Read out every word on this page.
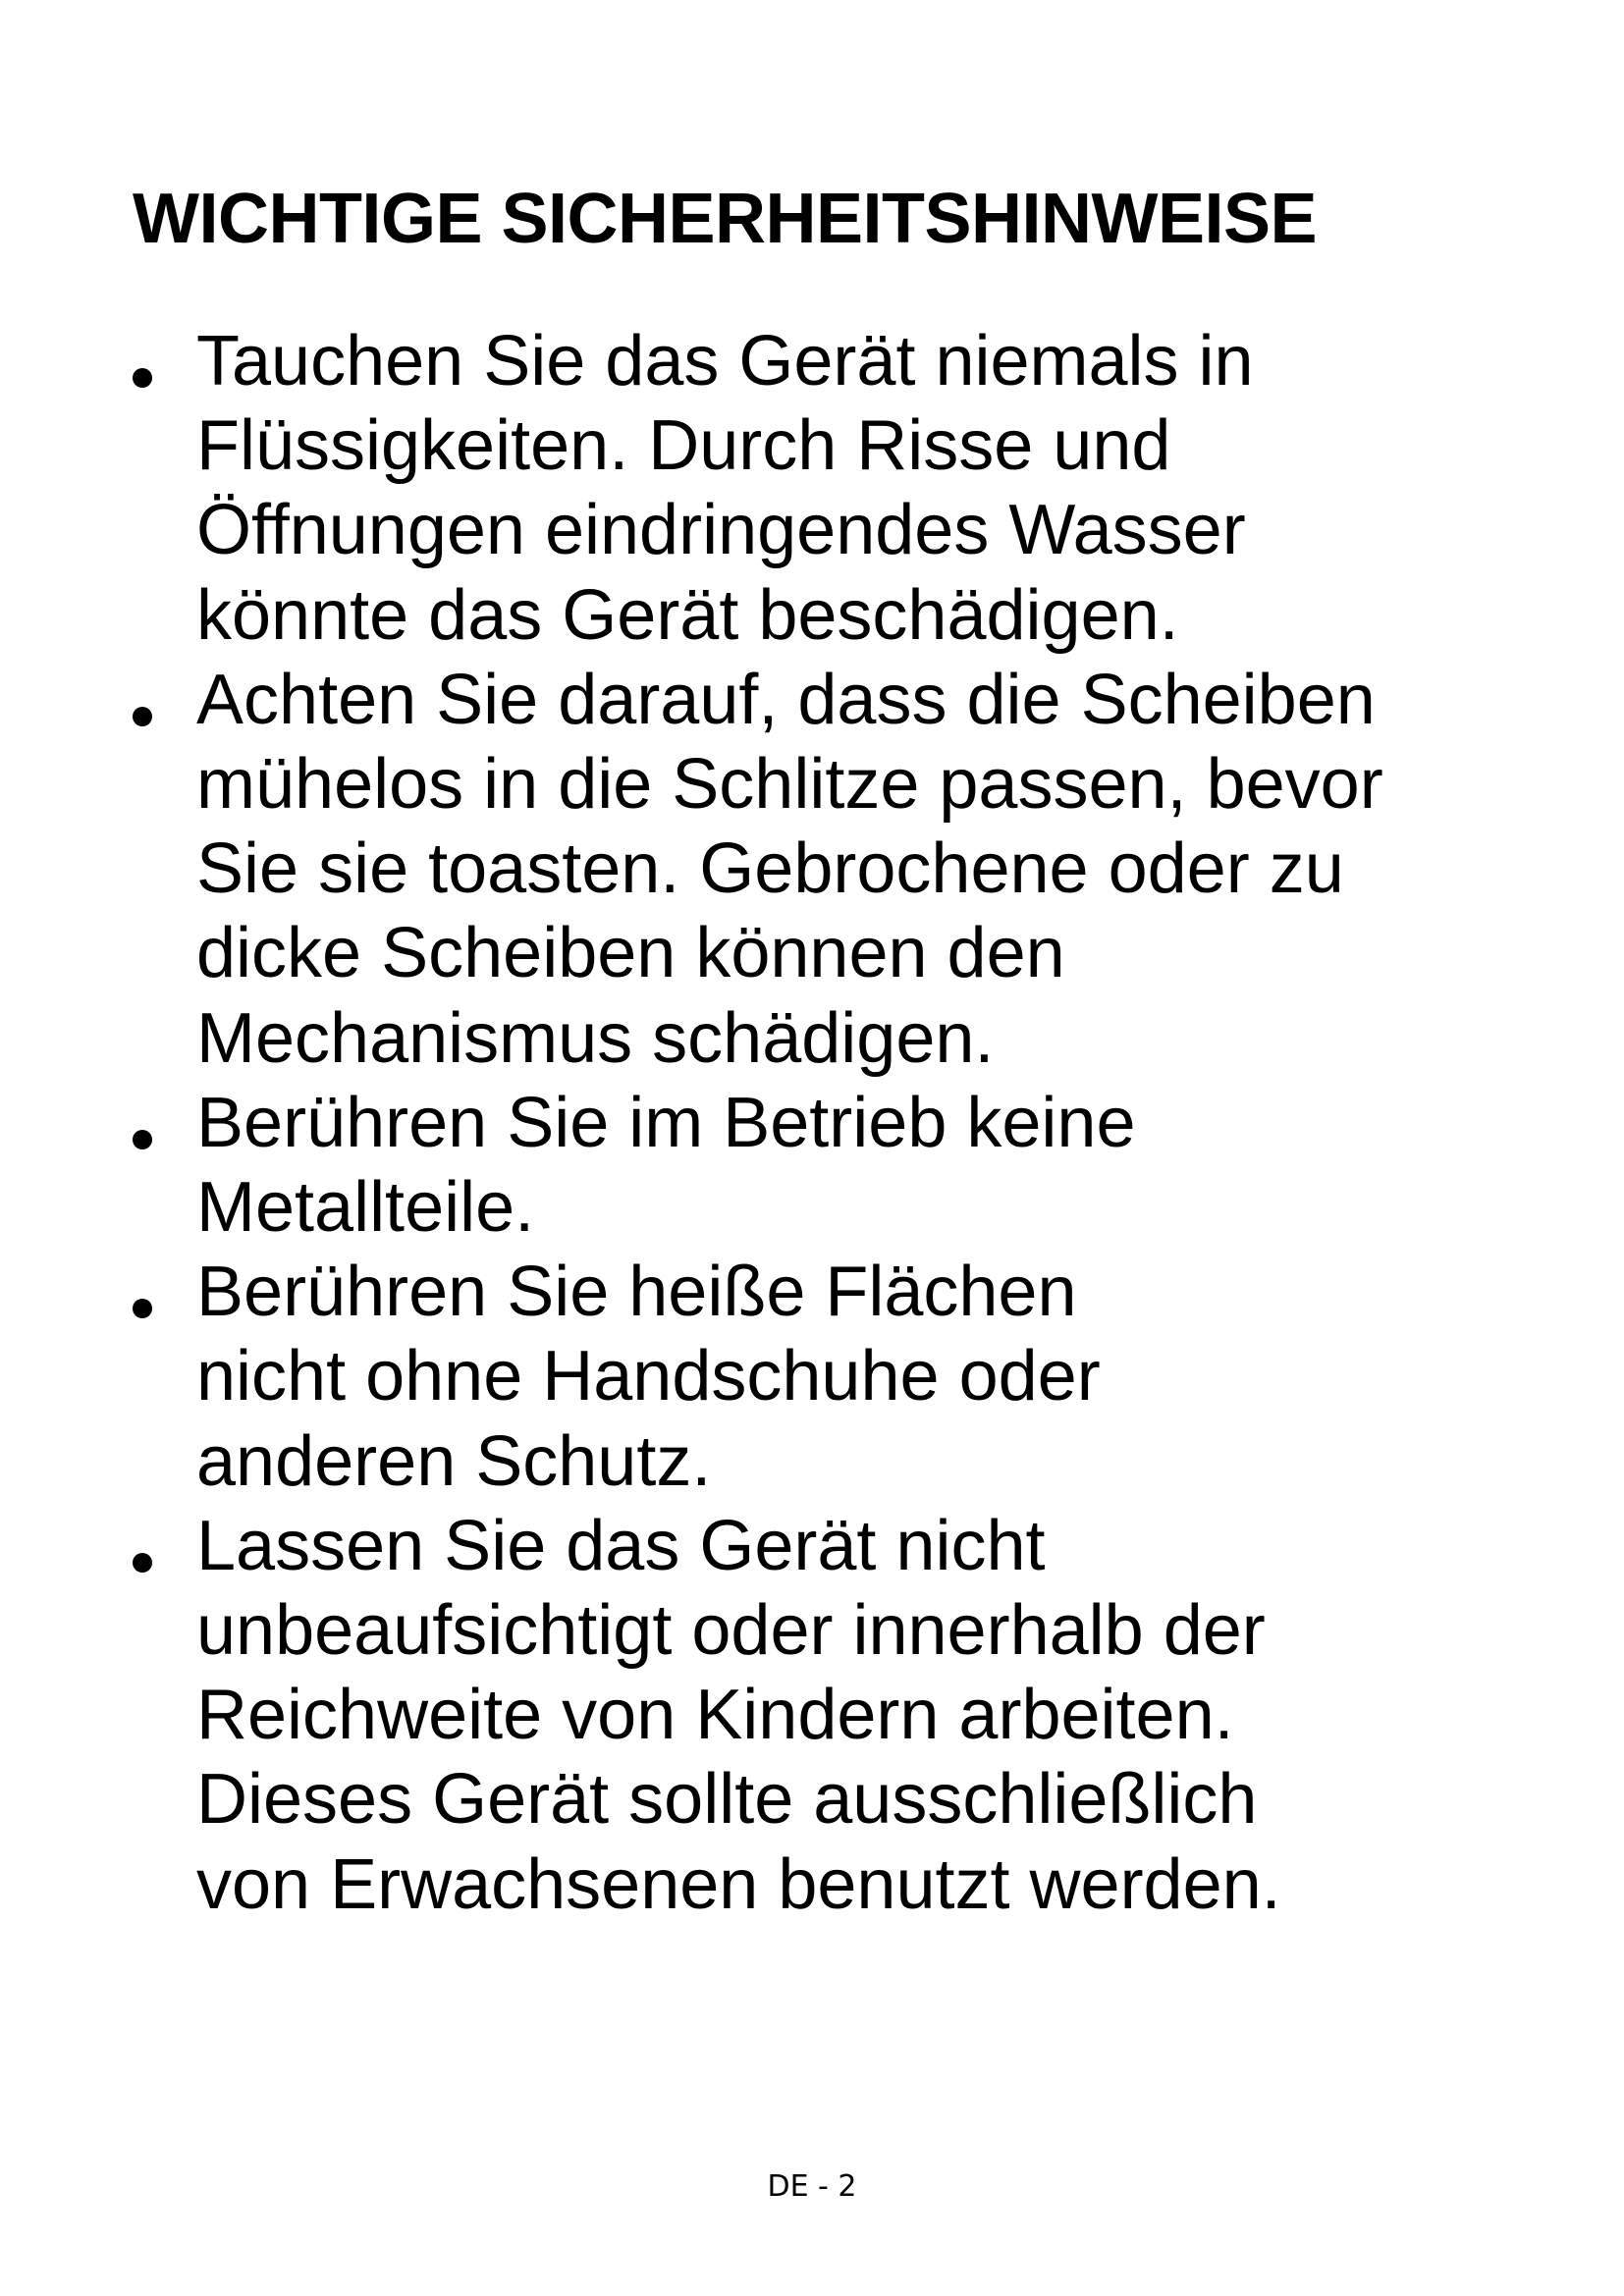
WICHTIGE SICHERHEITSHINWEISE
Tauchen Sie das Gerät niemals in
Flüssigkeiten. Durch Risse und
Öffnungen eindringendes Wasser
könnte das Gerät beschädigen.
Achten Sie darauf, dass die Scheiben
mühelos in die Schlitze passen, bevor
Sie sie toasten. Gebrochene oder zu
dicke Scheiben können den
Mechanismus schädigen.
Berühren Sie im Betrieb keine
Metallteile.
Berühren Sie heiße Flächen
nicht ohne Handschuhe oder
anderen Schutz.
Lassen Sie das Gerät nicht
unbeaufsichtigt oder innerhalb der
Reichweite von Kindern arbeiten.
Dieses Gerät sollte ausschließlich
von Erwachsenen benutzt werden.
DE - 2
